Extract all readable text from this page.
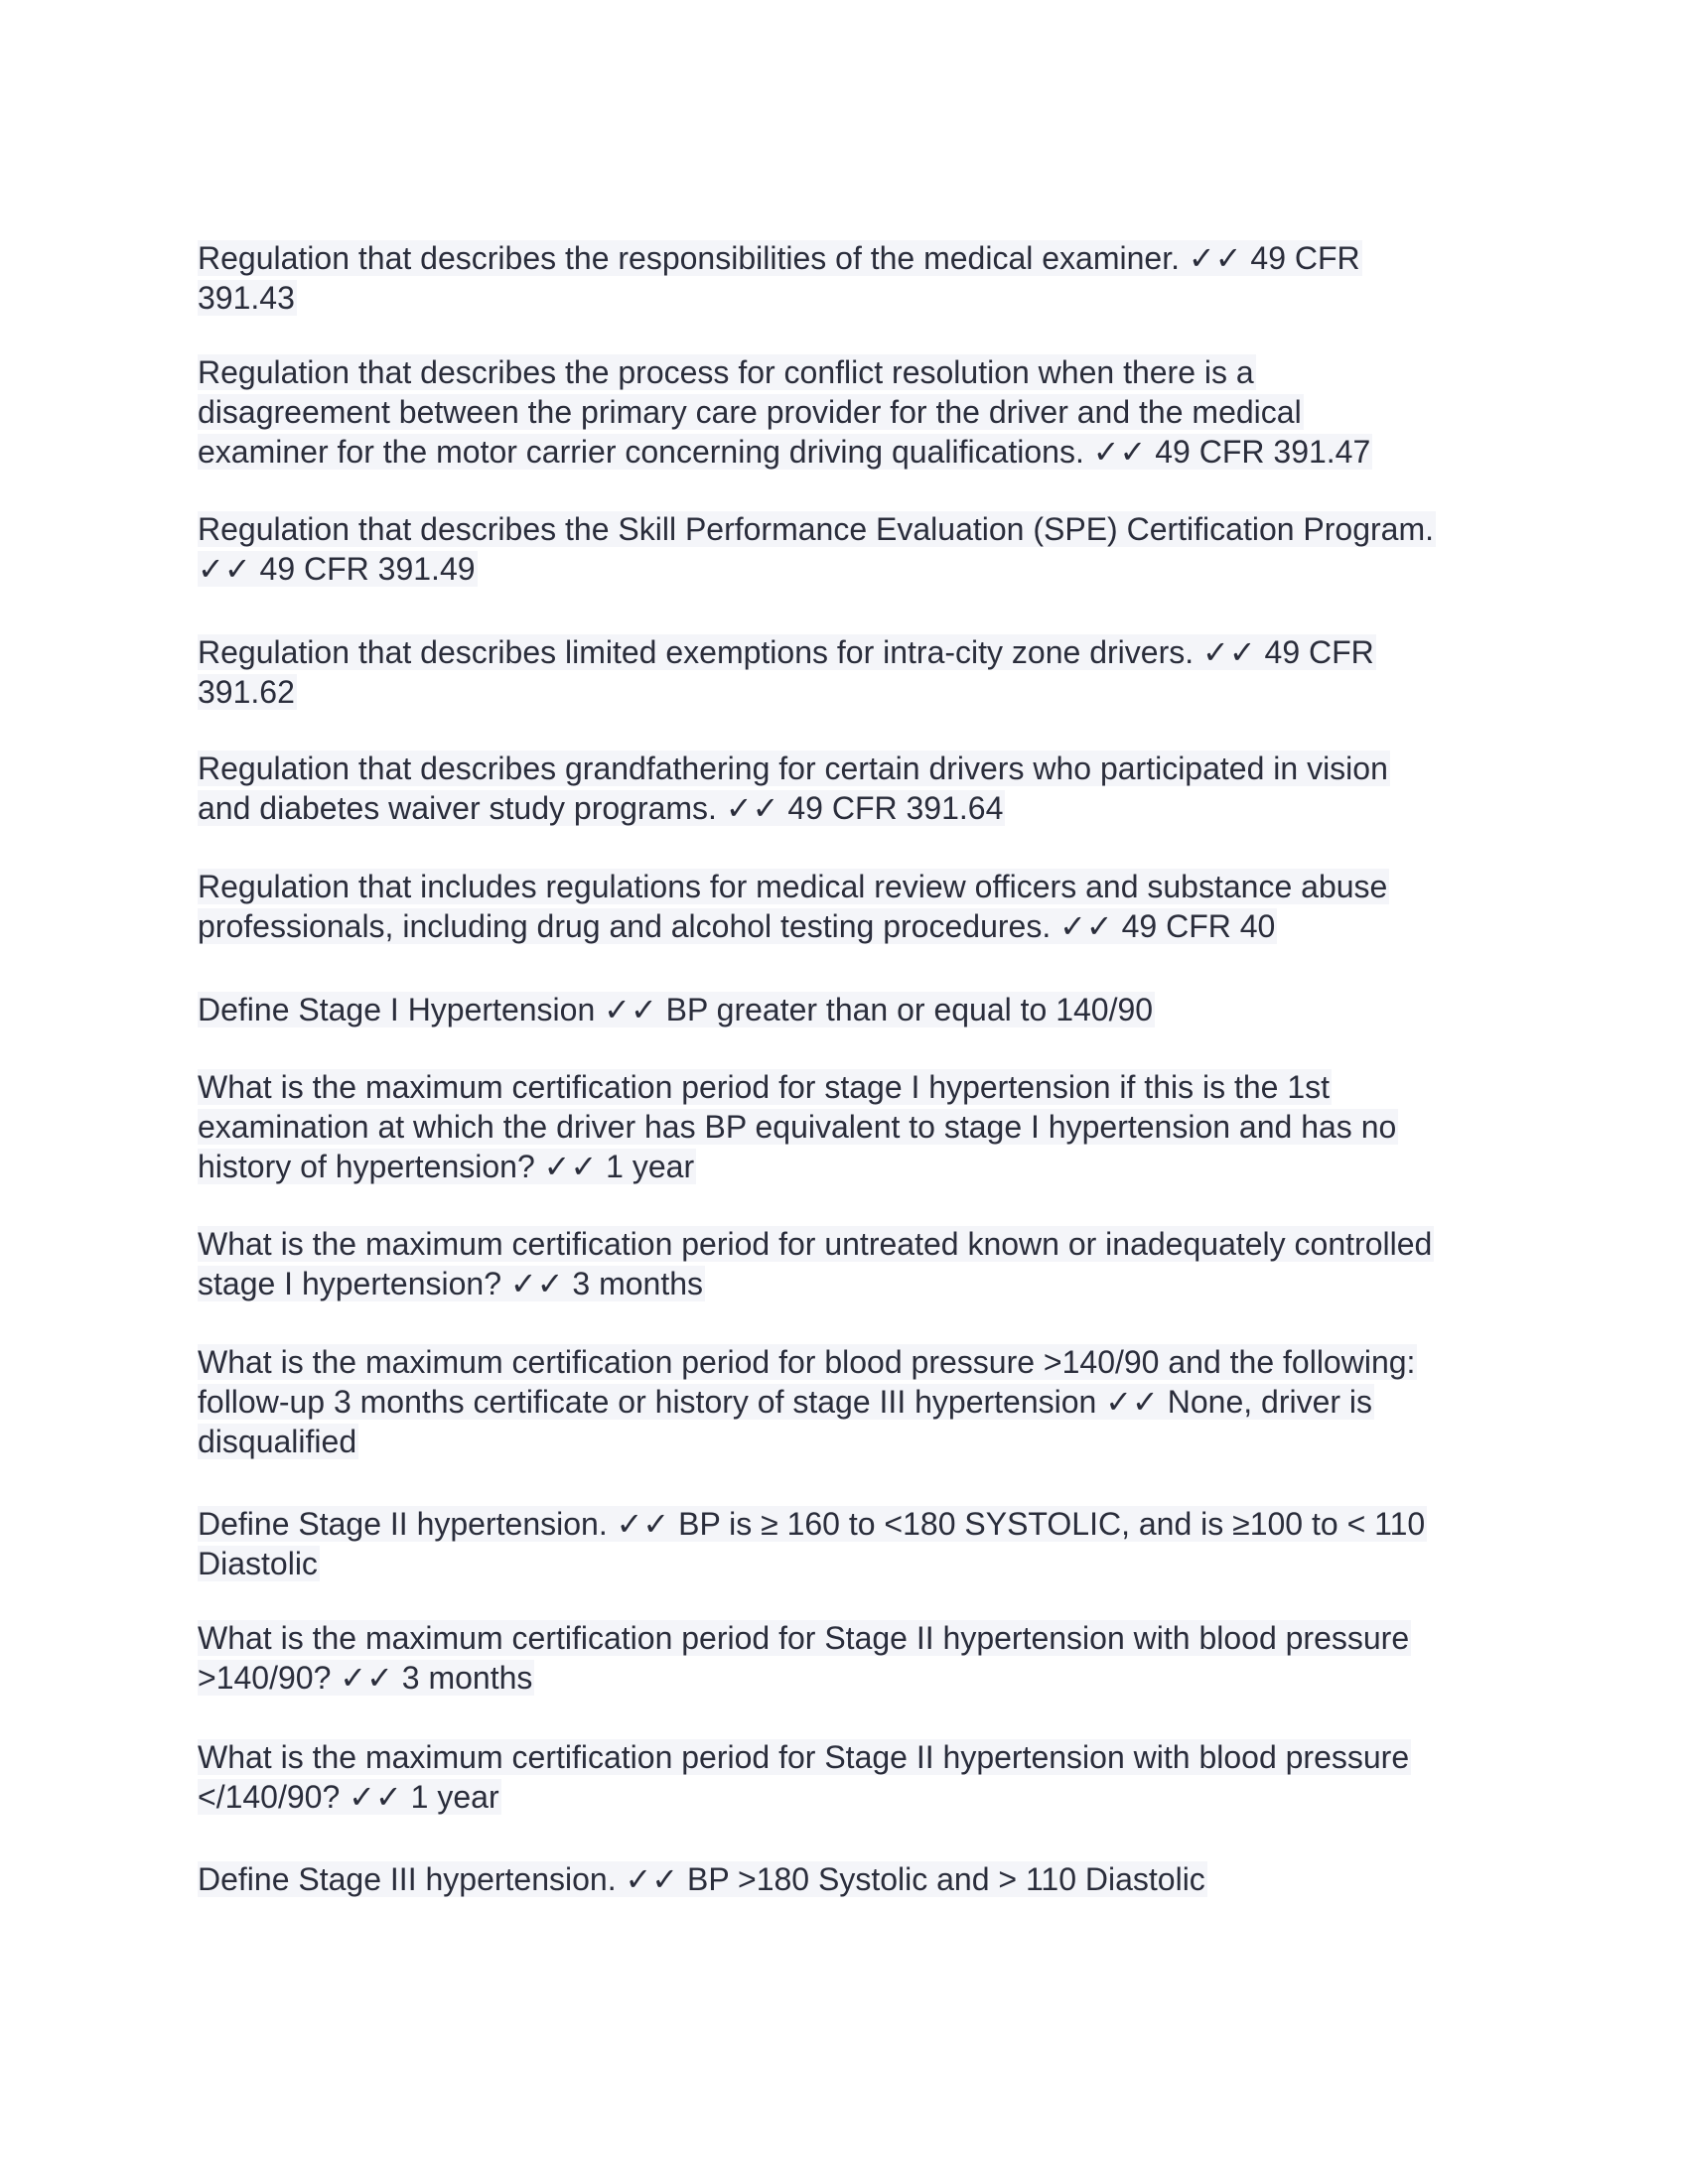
Regulation that describes the responsibilities of the medical examiner. ✓✓ 49 CFR
391.43
Regulation that describes the process for conflict resolution when there is a
disagreement between the primary care provider for the driver and the medical
examiner for the motor carrier concerning driving qualifications. ✓✓ 49 CFR 391.47
Regulation that describes the Skill Performance Evaluation (SPE) Certification Program.
✓✓ 49 CFR 391.49
Regulation that describes limited exemptions for intra-city zone drivers. ✓✓ 49 CFR
391.62
Regulation that describes grandfathering for certain drivers who participated in vision
and diabetes waiver study programs. ✓✓ 49 CFR 391.64
Regulation that includes regulations for medical review officers and substance abuse
professionals, including drug and alcohol testing procedures. ✓✓ 49 CFR 40
Define Stage I Hypertension ✓✓ BP greater than or equal to 140/90
What is the maximum certification period for stage I hypertension if this is the 1st
examination at which the driver has BP equivalent to stage I hypertension and has no
history of hypertension? ✓✓ 1 year
What is the maximum certification period for untreated known or inadequately controlled
stage I hypertension? ✓✓ 3 months
What is the maximum certification period for blood pressure >140/90 and the following:
follow-up 3 months certificate or history of stage III hypertension ✓✓ None, driver is
disqualified
Define Stage II hypertension. ✓✓ BP is ≥ 160 to <180 SYSTOLIC, and is ≥100 to < 110
Diastolic
What is the maximum certification period for Stage II hypertension with blood pressure
>140/90? ✓✓ 3 months
What is the maximum certification period for Stage II hypertension with blood pressure
</140/90? ✓✓ 1 year
Define Stage III hypertension. ✓✓ BP >180 Systolic and > 110 Diastolic
